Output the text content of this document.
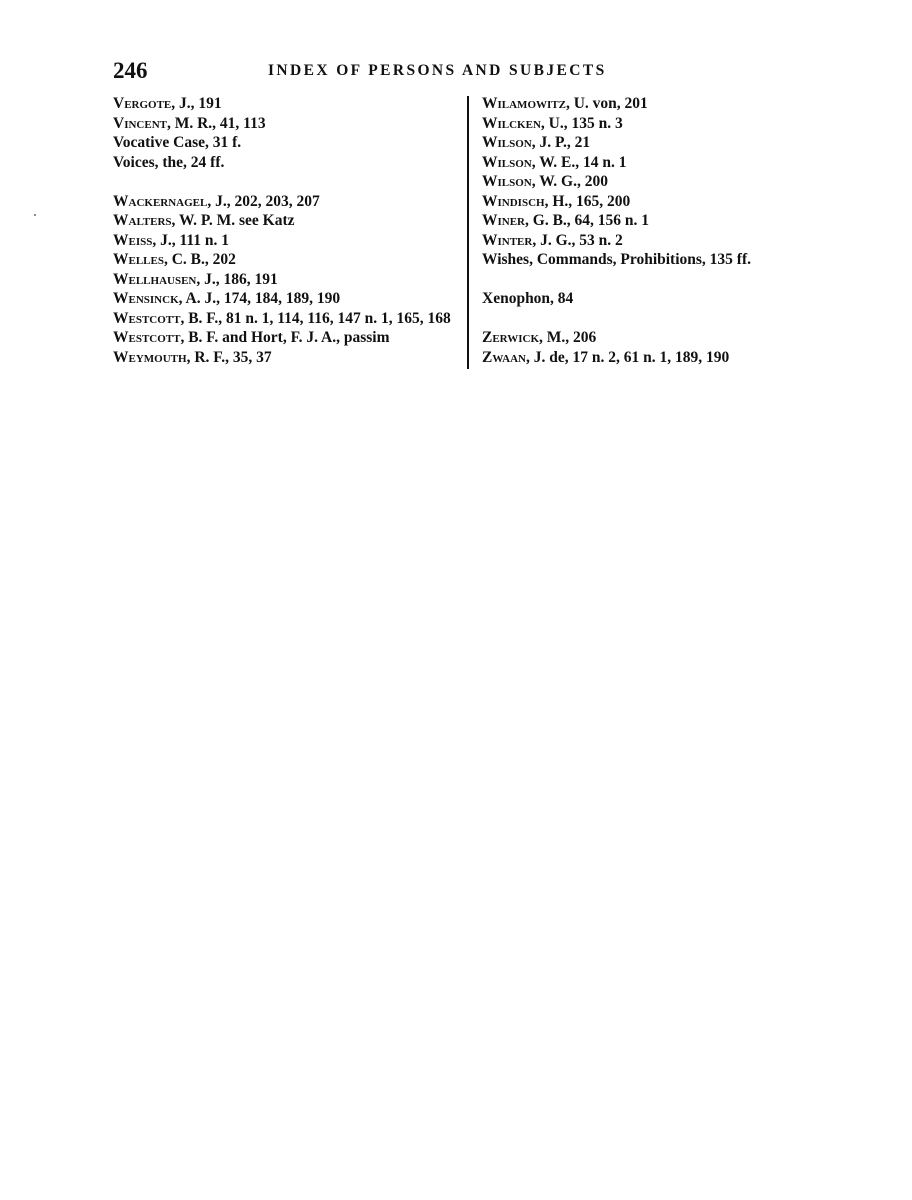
246	INDEX OF PERSONS AND SUBJECTS

Vergote, J., 191

Vincent, M. R., 41, 113

Vocative Case, 31 f.

Voices, the, 24 ff.

Wackernagel, J., 202, 203, 207

Walters, W. P. M. see Katz

Weiss, J., 111 n. 1

Welles, C. B., 202

Wellhausen, J., 186, 191

Wensinck, A. J., 174, 184, 189, 190

Westcott, B. F., 81 n. 1, 114, 116, 147 n. 1, 165, 168

Westcott, B. F. and Hort, F. J. A., passim

Weymouth, R. F., 35, 37

Wilamowitz, U. von, 201

Wilcken, U., 135 n. 3

Wilson, J. P., 21

Wilson, W. E., 14 n. 1

Wilson, W. G., 200

Windisch, H., 165, 200

Winer, G. B., 64, 156 n. 1

Winter, J. G., 53 n. 2

Wishes, Commands, Prohibitions, 135 ff.

Xenophon, 84

Zerwick, M., 206

Zwaan, J. de, 17 n. 2, 61 n. 1, 189, 190
